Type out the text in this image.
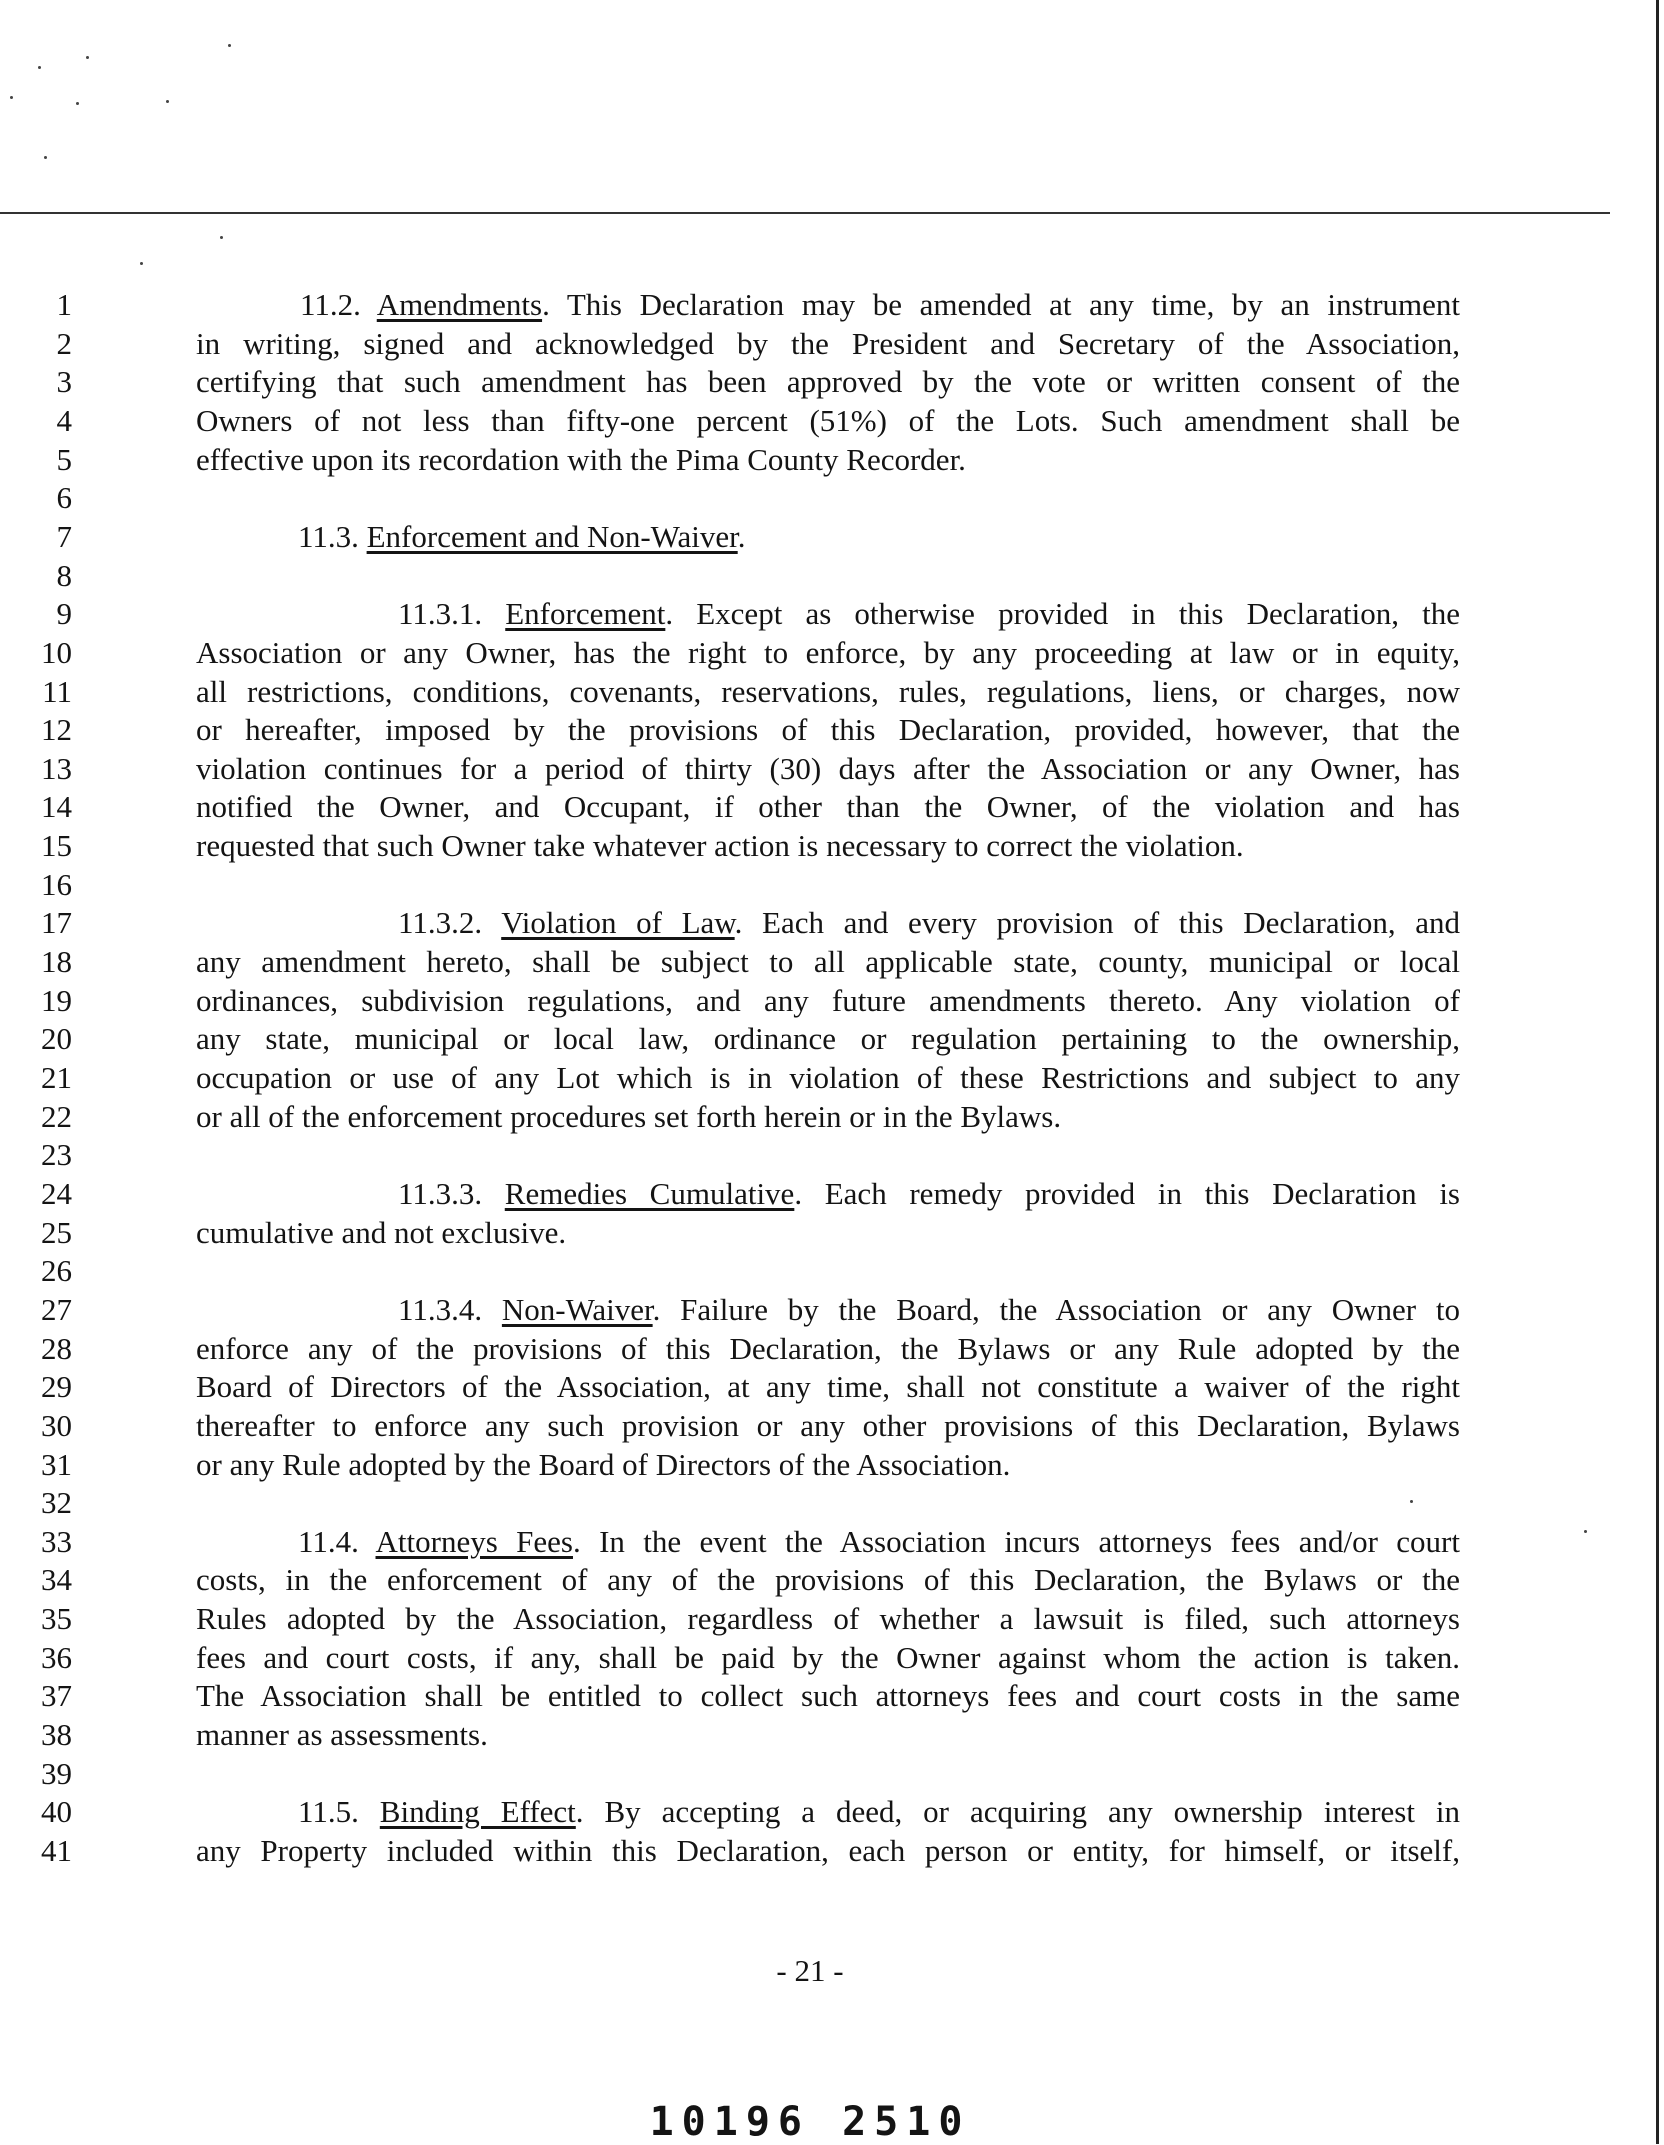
1	11.2. Amendments. This Declaration may be amended at any time, by an instrument
2	in writing, signed and acknowledged by the President and Secretary of the Association,
3	certifying that such amendment has been approved by the vote or written consent of the
4	Owners of not less than fifty-one percent (51%) of the Lots. Such amendment shall be
5	effective upon its recordation with the Pima County Recorder.
6
7	11.3. Enforcement and Non-Waiver.
8
9	11.3.1. Enforcement. Except as otherwise provided in this Declaration, the
10	Association or any Owner, has the right to enforce, by any proceeding at law or in equity,
11	all restrictions, conditions, covenants, reservations, rules, regulations, liens, or charges, now
12	or hereafter, imposed by the provisions of this Declaration, provided, however, that the
13	violation continues for a period of thirty (30) days after the Association or any Owner, has
14	notified the Owner, and Occupant, if other than the Owner, of the violation and has
15	requested that such Owner take whatever action is necessary to correct the violation.
16
17	11.3.2. Violation of Law. Each and every provision of this Declaration, and
18	any amendment hereto, shall be subject to all applicable state, county, municipal or local
19	ordinances, subdivision regulations, and any future amendments thereto. Any violation of
20	any state, municipal or local law, ordinance or regulation pertaining to the ownership,
21	occupation or use of any Lot which is in violation of these Restrictions and subject to any
22	or all of the enforcement procedures set forth herein or in the Bylaws.
23
24	11.3.3. Remedies Cumulative. Each remedy provided in this Declaration is
25	cumulative and not exclusive.
26
27	11.3.4. Non-Waiver. Failure by the Board, the Association or any Owner to
28	enforce any of the provisions of this Declaration, the Bylaws or any Rule adopted by the
29	Board of Directors of the Association, at any time, shall not constitute a waiver of the right
30	thereafter to enforce any such provision or any other provisions of this Declaration, Bylaws
31	or any Rule adopted by the Board of Directors of the Association.
32
33	11.4. Attorneys Fees. In the event the Association incurs attorneys fees and/or court
34	costs, in the enforcement of any of the provisions of this Declaration, the Bylaws or the
35	Rules adopted by the Association, regardless of whether a lawsuit is filed, such attorneys
36	fees and court costs, if any, shall be paid by the Owner against whom the action is taken.
37	The Association shall be entitled to collect such attorneys fees and court costs in the same
38	manner as assessments.
39
40	11.5. Binding Effect. By accepting a deed, or acquiring any ownership interest in
41	any Property included within this Declaration, each person or entity, for himself, or itself,
- 21 -
10196 2510
